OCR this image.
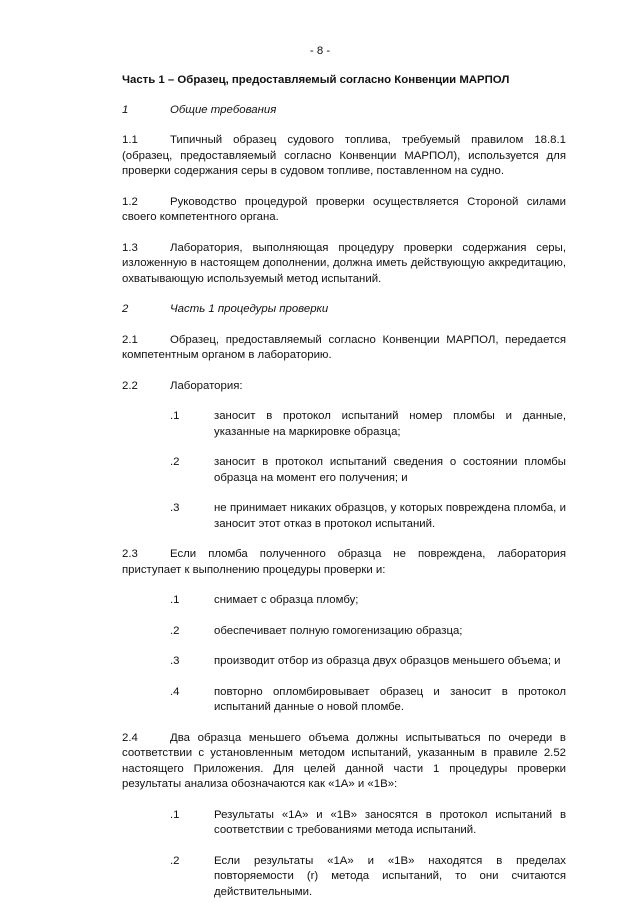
- 8 -
Часть 1 – Образец, предоставляемый согласно Конвенции МАРПОЛ
1	Общие требования
1.1	Типичный образец судового топлива, требуемый правилом 18.8.1 (образец, предоставляемый согласно Конвенции МАРПОЛ), используется для проверки содержания серы в судовом топливе, поставленном на судно.
1.2	Руководство процедурой проверки осуществляется Стороной силами своего компетентного органа.
1.3	Лаборатория, выполняющая процедуру проверки содержания серы, изложенную в настоящем дополнении, должна иметь действующую аккредитацию, охватывающую используемый метод испытаний.
2	Часть 1 процедуры проверки
2.1	Образец, предоставляемый согласно Конвенции МАРПОЛ, передается компетентным органом в лабораторию.
2.2	Лаборатория:
.1	заносит в протокол испытаний номер пломбы и данные, указанные на маркировке образца;
.2	заносит в протокол испытаний сведения о состоянии пломбы образца на момент его получения; и
.3	не принимает никаких образцов, у которых повреждена пломба, и заносит этот отказ в протокол испытаний.
2.3	Если пломба полученного образца не повреждена, лаборатория приступает к выполнению процедуры проверки и:
.1	снимает с образца пломбу;
.2	обеспечивает полную гомогенизацию образца;
.3	производит отбор из образца двух образцов меньшего объема; и
.4	повторно опломбировывает образец и заносит в протокол испытаний данные о новой пломбе.
2.4	Два образца меньшего объема должны испытываться по очереди в соответствии с установленным методом испытаний, указанным в правиле 2.52 настоящего Приложения. Для целей данной части 1 процедуры проверки результаты анализа обозначаются как «1А» и «1В»:
.1	Результаты «1А» и «1В» заносятся в протокол испытаний в соответствии с требованиями метода испытаний.
.2	Если результаты «1А» и «1В» находятся в пределах повторяемости (r) метода испытаний, то они считаются действительными.
